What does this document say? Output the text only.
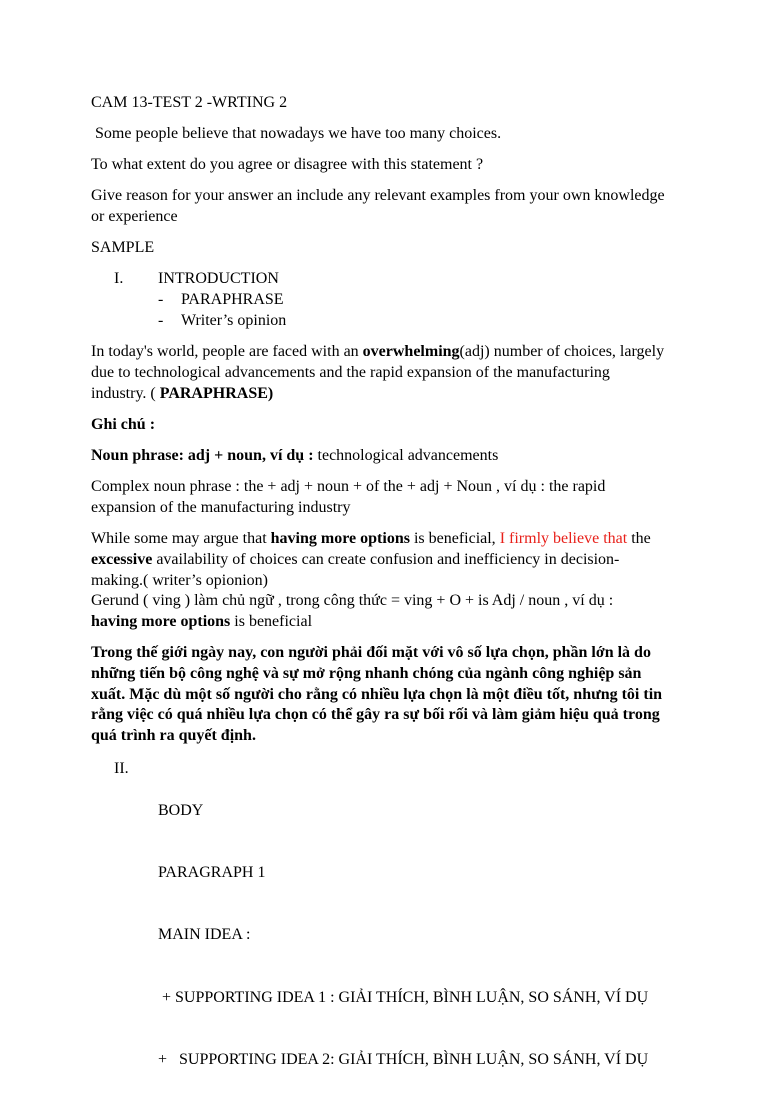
CAM 13-TEST 2 -WRTING 2
Some people believe that nowadays we have too many choices.
To what extent do you agree or disagree with this statement ?
Give reason for your answer an include any relevant examples from your own knowledge
or experience
SAMPLE
I. INTRODUCTION
- PARAPHRASE
- Writer’s opinion
In today's world, people are faced with an overwhelming(adj) number of choices, largely
due to technological advancements and the rapid expansion of the manufacturing
industry. ( PARAPHRASE)
Ghi chú :
Noun phrase: adj + noun, ví dụ : technological advancements
Complex noun phrase : the + adj + noun + of the + adj + Noun , ví dụ : the rapid
expansion of the manufacturing industry
While some may argue that having more options is beneficial, I firmly believe that the
excessive availability of choices can create confusion and inefficiency in decision-
making.( writer’s opionion)
Gerund ( ving ) làm chủ ngữ , trong công thức = ving + O + is Adj / noun , ví dụ :
having more options is beneficial
Trong thế giới ngày nay, con người phải đối mặt với vô số lựa chọn, phần lớn là do
những tiến bộ công nghệ và sự mở rộng nhanh chóng của ngành công nghiệp sản
xuất. Mặc dù một số người cho rằng có nhiều lựa chọn là một điều tốt, nhưng tôi tin
rằng việc có quá nhiều lựa chọn có thể gây ra sự bối rối và làm giảm hiệu quả trong
quá trình ra quyết định.
II.

BODY

PARAGRAPH 1

MAIN IDEA :

+ SUPPORTING IDEA 1 : GIẢI THÍCH, BÌNH LUẬN, SO SÁNH, VÍ DỤ

+   SUPPORTING IDEA 2: GIẢI THÍCH, BÌNH LUẬN, SO SÁNH, VÍ DỤ
